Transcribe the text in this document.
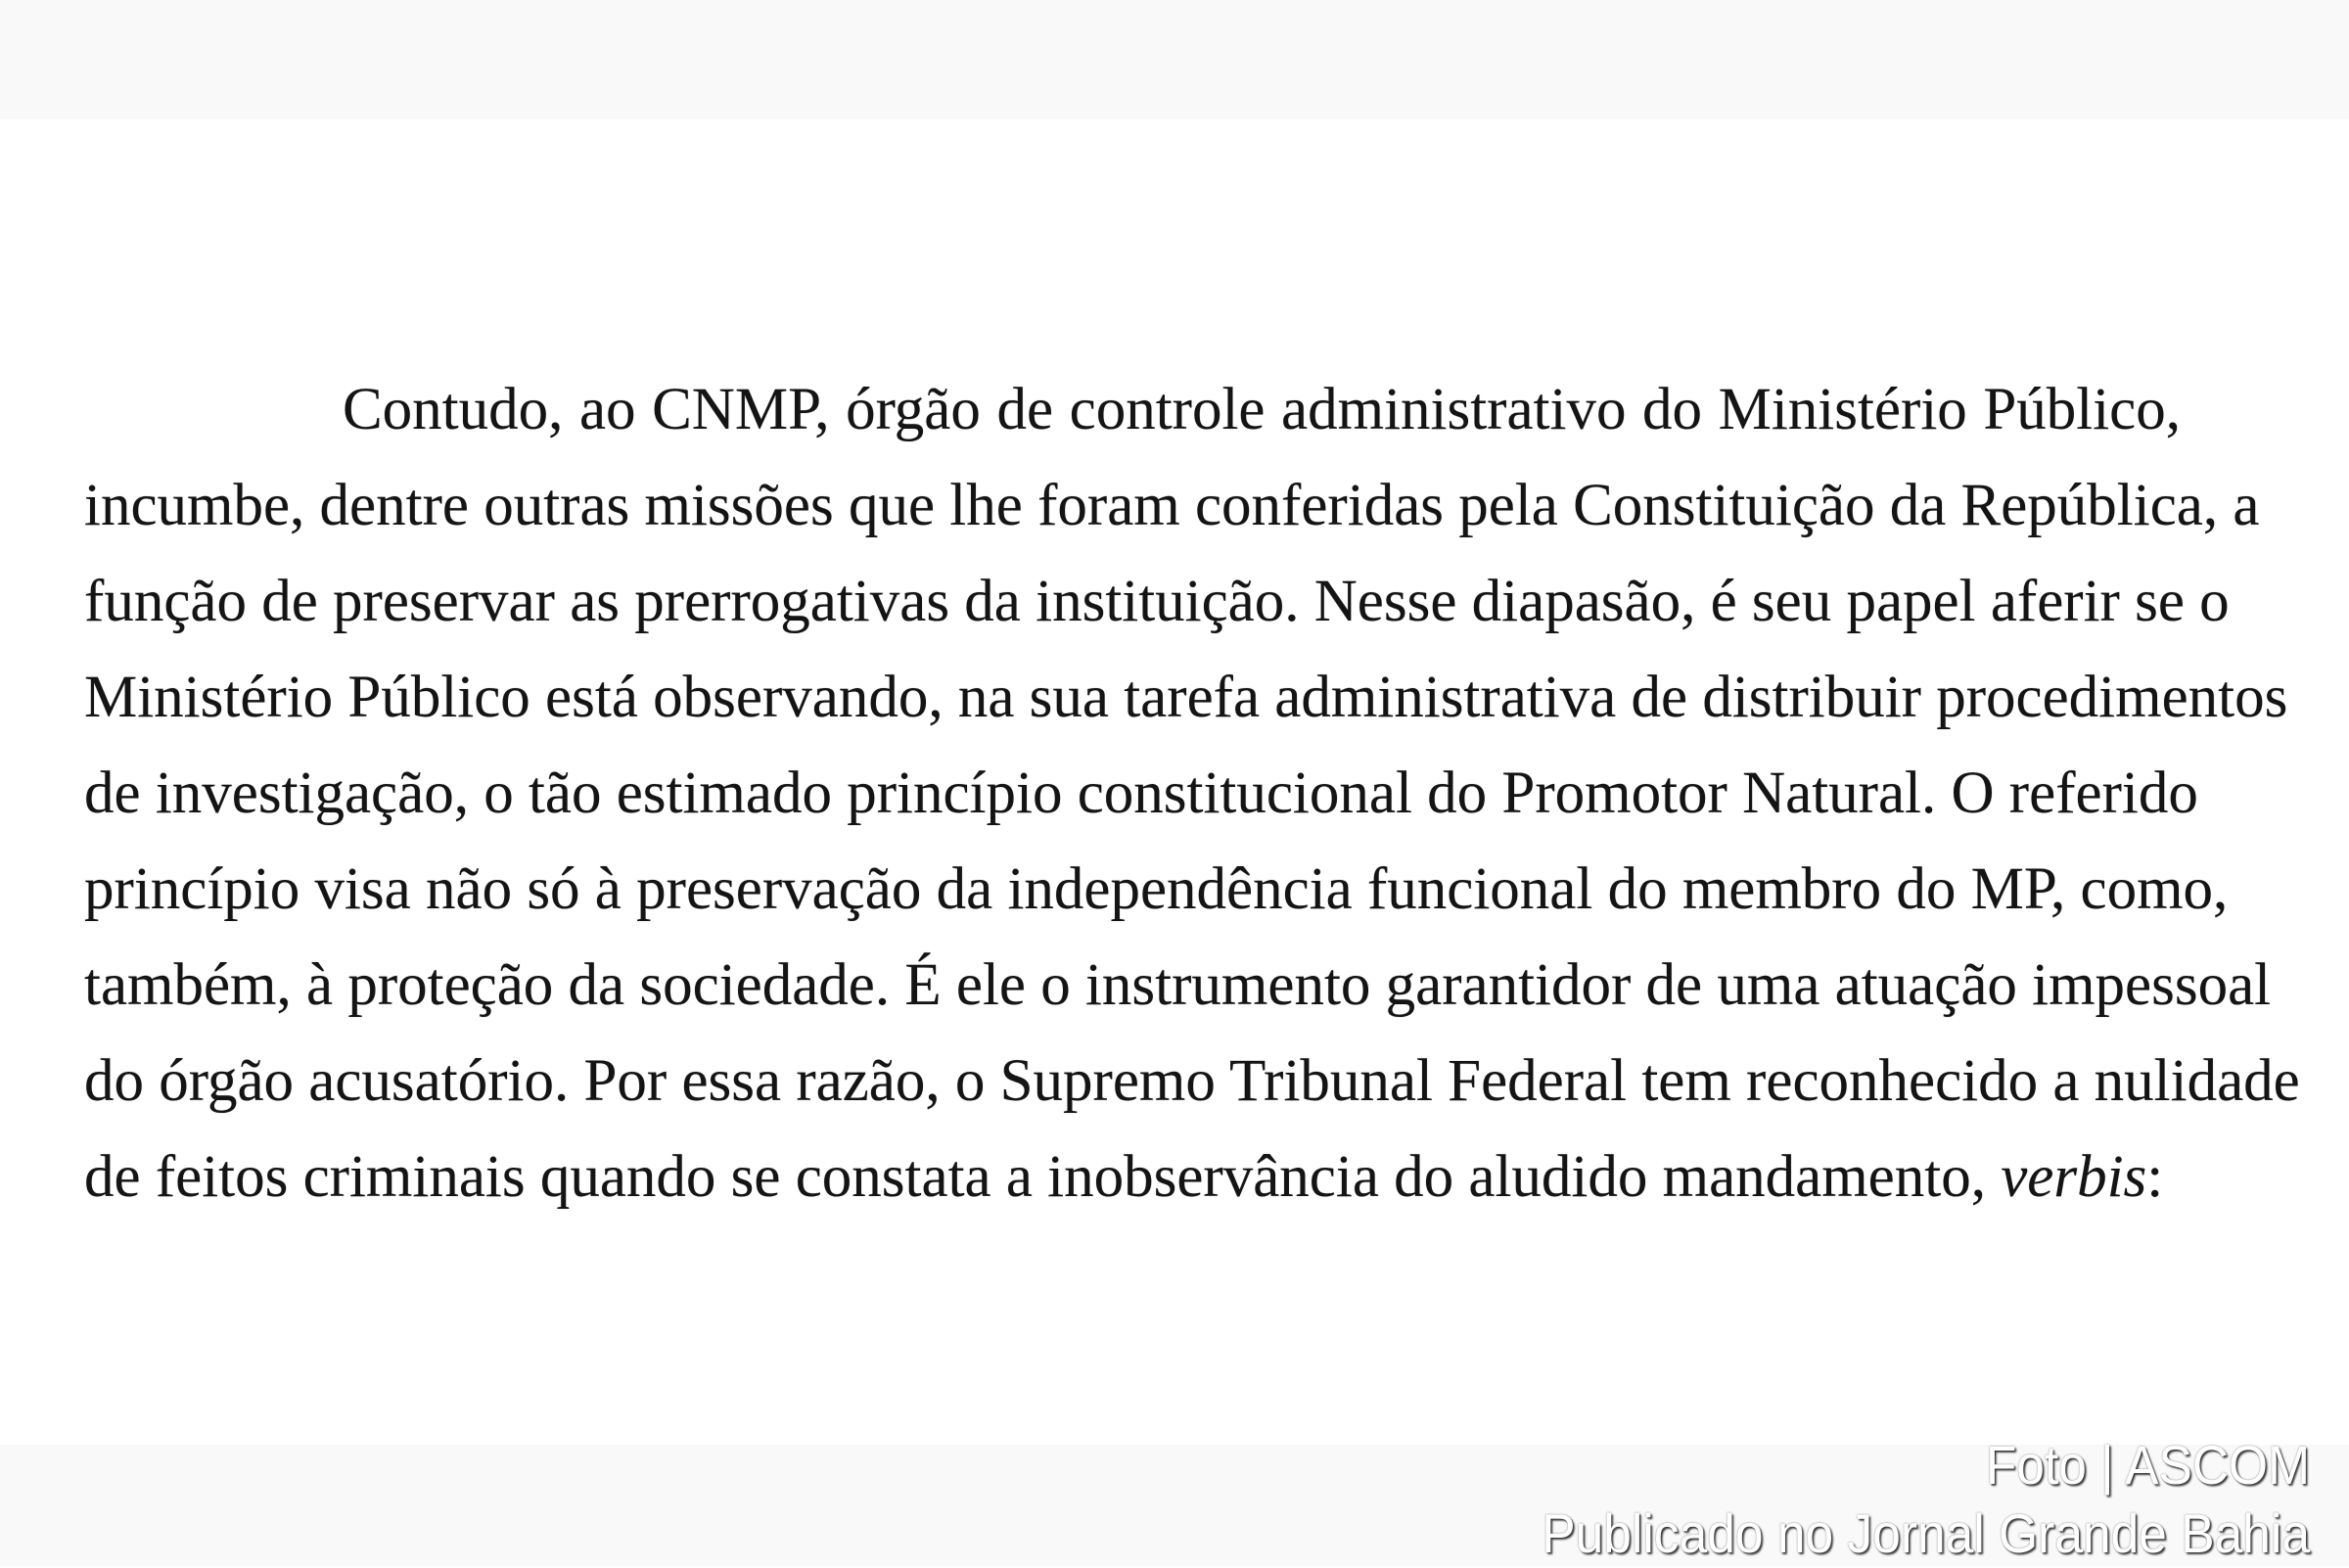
Contudo, ao CNMP, órgão de controle administrativo do Ministério Público,
incumbe, dentre outras missões que lhe foram conferidas pela Constituição da República, a
função de preservar as prerrogativas da instituição. Nesse diapasão, é seu papel aferir se o
Ministério Público está observando, na sua tarefa administrativa de distribuir procedimentos
de investigação, o tão estimado princípio constitucional do Promotor Natural. O referido
princípio visa não só à preservação da independência funcional do membro do MP, como,
também, à proteção da sociedade. É ele o instrumento garantidor de uma atuação impessoal
do órgão acusatório. Por essa razão, o Supremo Tribunal Federal tem reconhecido a nulidade
de feitos criminais quando se constata a inobservância do aludido mandamento, verbis:
Foto | ASCOM
Publicado no Jornal Grande Bahia
